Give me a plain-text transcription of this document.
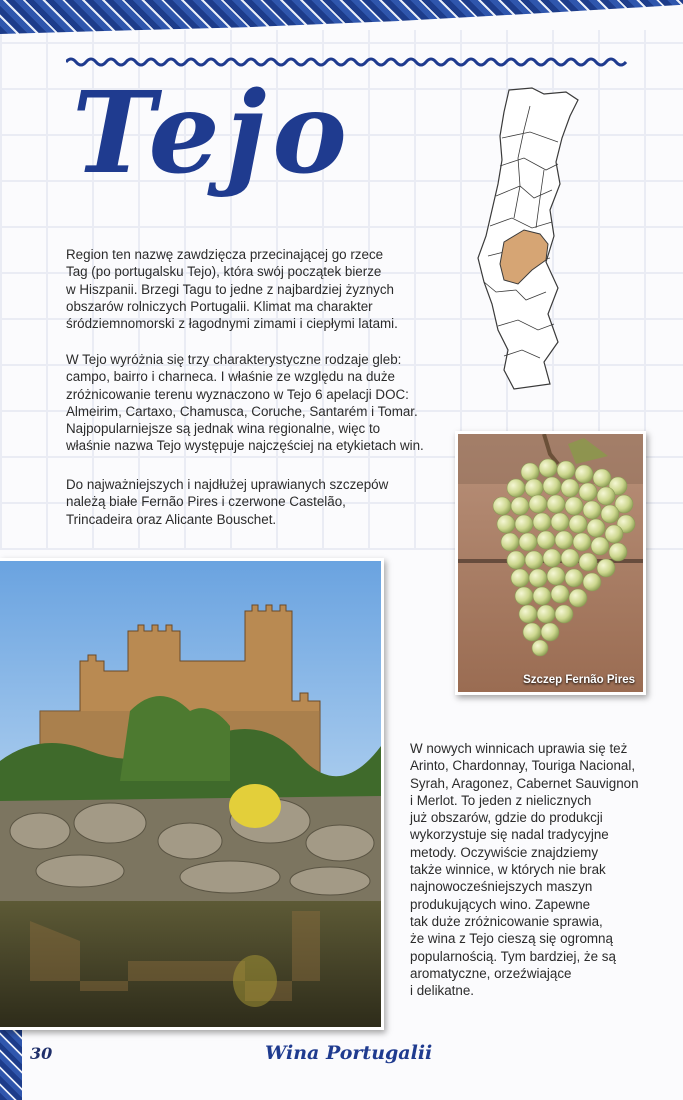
Tejo

Region ten nazwę zawdzięcza przecinającej go rzece
Tag (po portugalsku Tejo), która swój początek bierze
w Hiszpanii. Brzegi Tagu to jedne z najbardziej żyznych
obszarów rolniczych Portugalii. Klimat ma charakter
śródziemnomorski z łagodnymi zimami i ciepłymi latami.

W Tejo wyróżnia się trzy charakterystyczne rodzaje gleb:
campo, bairro i charneca. I właśnie ze względu na duże
zróżnicowanie terenu wyznaczono w Tejo 6 apelacji DOC:
Almeirim, Cartaxo, Chamusca, Coruche, Santarém i Tomar.
Najpopularniejsze są jednak wina regionalne, więc to
właśnie nazwa Tejo występuje najczęściej na etykietach win.

Do najważniejszych i najdłużej uprawianych szczepów
należą białe Fernão Pires i czerwone Castelão,
Trincadeira oraz Alicante Bouschet.

Szczep Fernão Pires

W nowych winnicach uprawia się też
Arinto, Chardonnay, Touriga Nacional,
Syrah, Aragonez, Cabernet Sauvignon
i Merlot. To jeden z nielicznych
już obszarów, gdzie do produkcji
wykorzystuje się nadal tradycyjne
metody. Oczywiście znajdziemy
także winnice, w których nie brak
najnowocześniejszych maszyn
produkujących wino. Zapewne
tak duże zróżnicowanie sprawia,
że wina z Tejo cieszą się ogromną
popularnością. Tym bardziej, że są
aromatyczne, orzeźwiające
i delikatne.

30	Wina Portugalii
